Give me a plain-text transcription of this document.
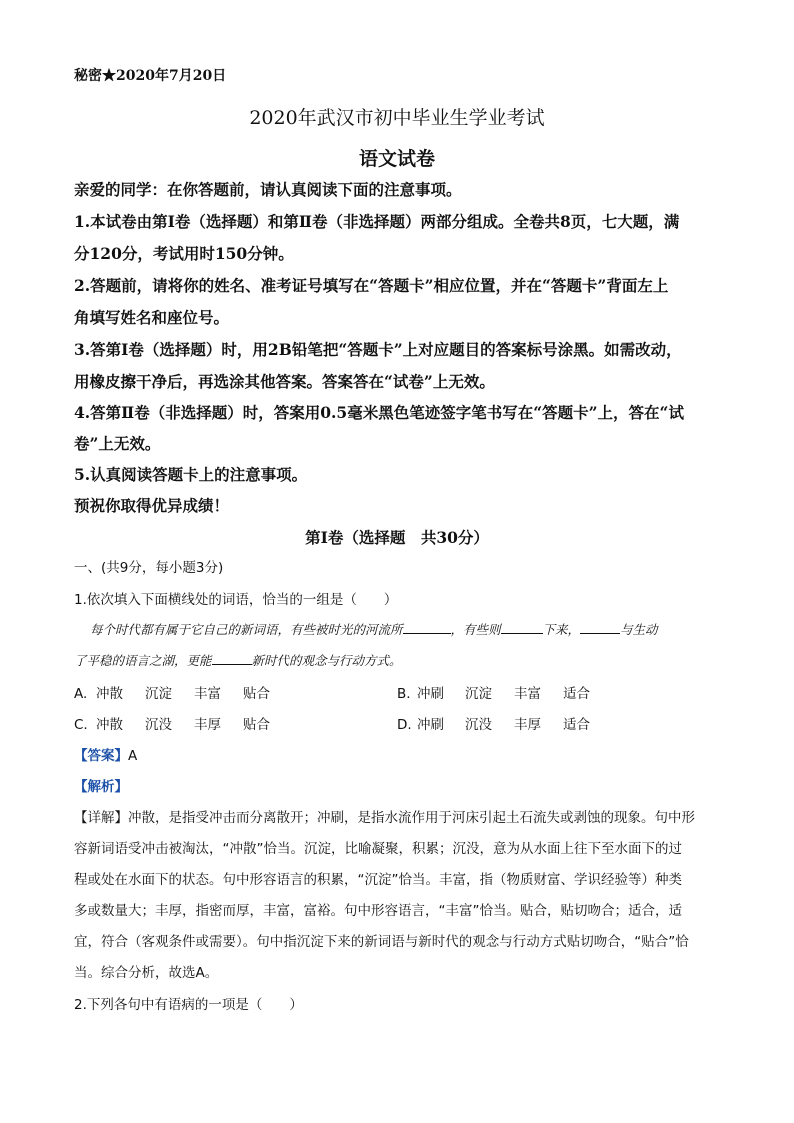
秘密★2020年7月20日
2020年武汉市初中毕业生学业考试
语文试卷
亲爱的同学：在你答题前，请认真阅读下面的注意事项。
1.本试卷由第Ⅰ卷（选择题）和第Ⅱ卷（非选择题）两部分组成。全卷共8页，七大题，满
分120分，考试用时150分钟。
2.答题前，请将你的姓名、准考证号填写在“答题卡”相应位置，并在“答题卡”背面左上
角填写姓名和座位号。
3.答第Ⅰ卷（选择题）时，用2B铅笔把“答题卡”上对应题目的答案标号涂黑。如需改动，
用橡皮擦干净后，再选涂其他答案。答案答在“试卷”上无效。
4.答第Ⅱ卷（非选择题）时，答案用0.5毫米黑色笔迹签字笔书写在“答题卡”上，答在“试
卷”上无效。
5.认真阅读答题卡上的注意事项。
预祝你取得优异成绩！
第Ⅰ卷（选择题　共30分）
一、(共9分，每小题3分)
1.依次填入下面横线处的词语，恰当的一组是（　　）
每个时代都有属于它自己的新词语，有些被时光的河流所	，有些则	下来，	与生动
了平稳的语言之湖，更能	新时代的观念与行动方式。
A. 冲散 沉淀 丰富 贴合	B. 冲刷 沉淀 丰富 适合
C. 冲散 沉没 丰厚 贴合	D. 冲刷 沉没 丰厚 适合
【答案】A
【解析】
【详解】冲散，是指受冲击而分离散开；冲刷，是指水流作用于河床引起土石流失或剥蚀的现象。句中形
容新词语受冲击被淘汰，“冲散”恰当。沉淀，比喻凝聚，积累；沉没，意为从水面上往下至水面下的过
程或处在水面下的状态。句中形容语言的积累，“沉淀”恰当。丰富，指（物质财富、学识经验等）种类
多或数量大；丰厚，指密而厚，丰富，富裕。句中形容语言，“丰富”恰当。贴合，贴切吻合；适合，适
宜，符合（客观条件或需要）。句中指沉淀下来的新词语与新时代的观念与行动方式贴切吻合，“贴合”恰
当。综合分析，故选A。
2.下列各句中有语病的一项是（　　）
